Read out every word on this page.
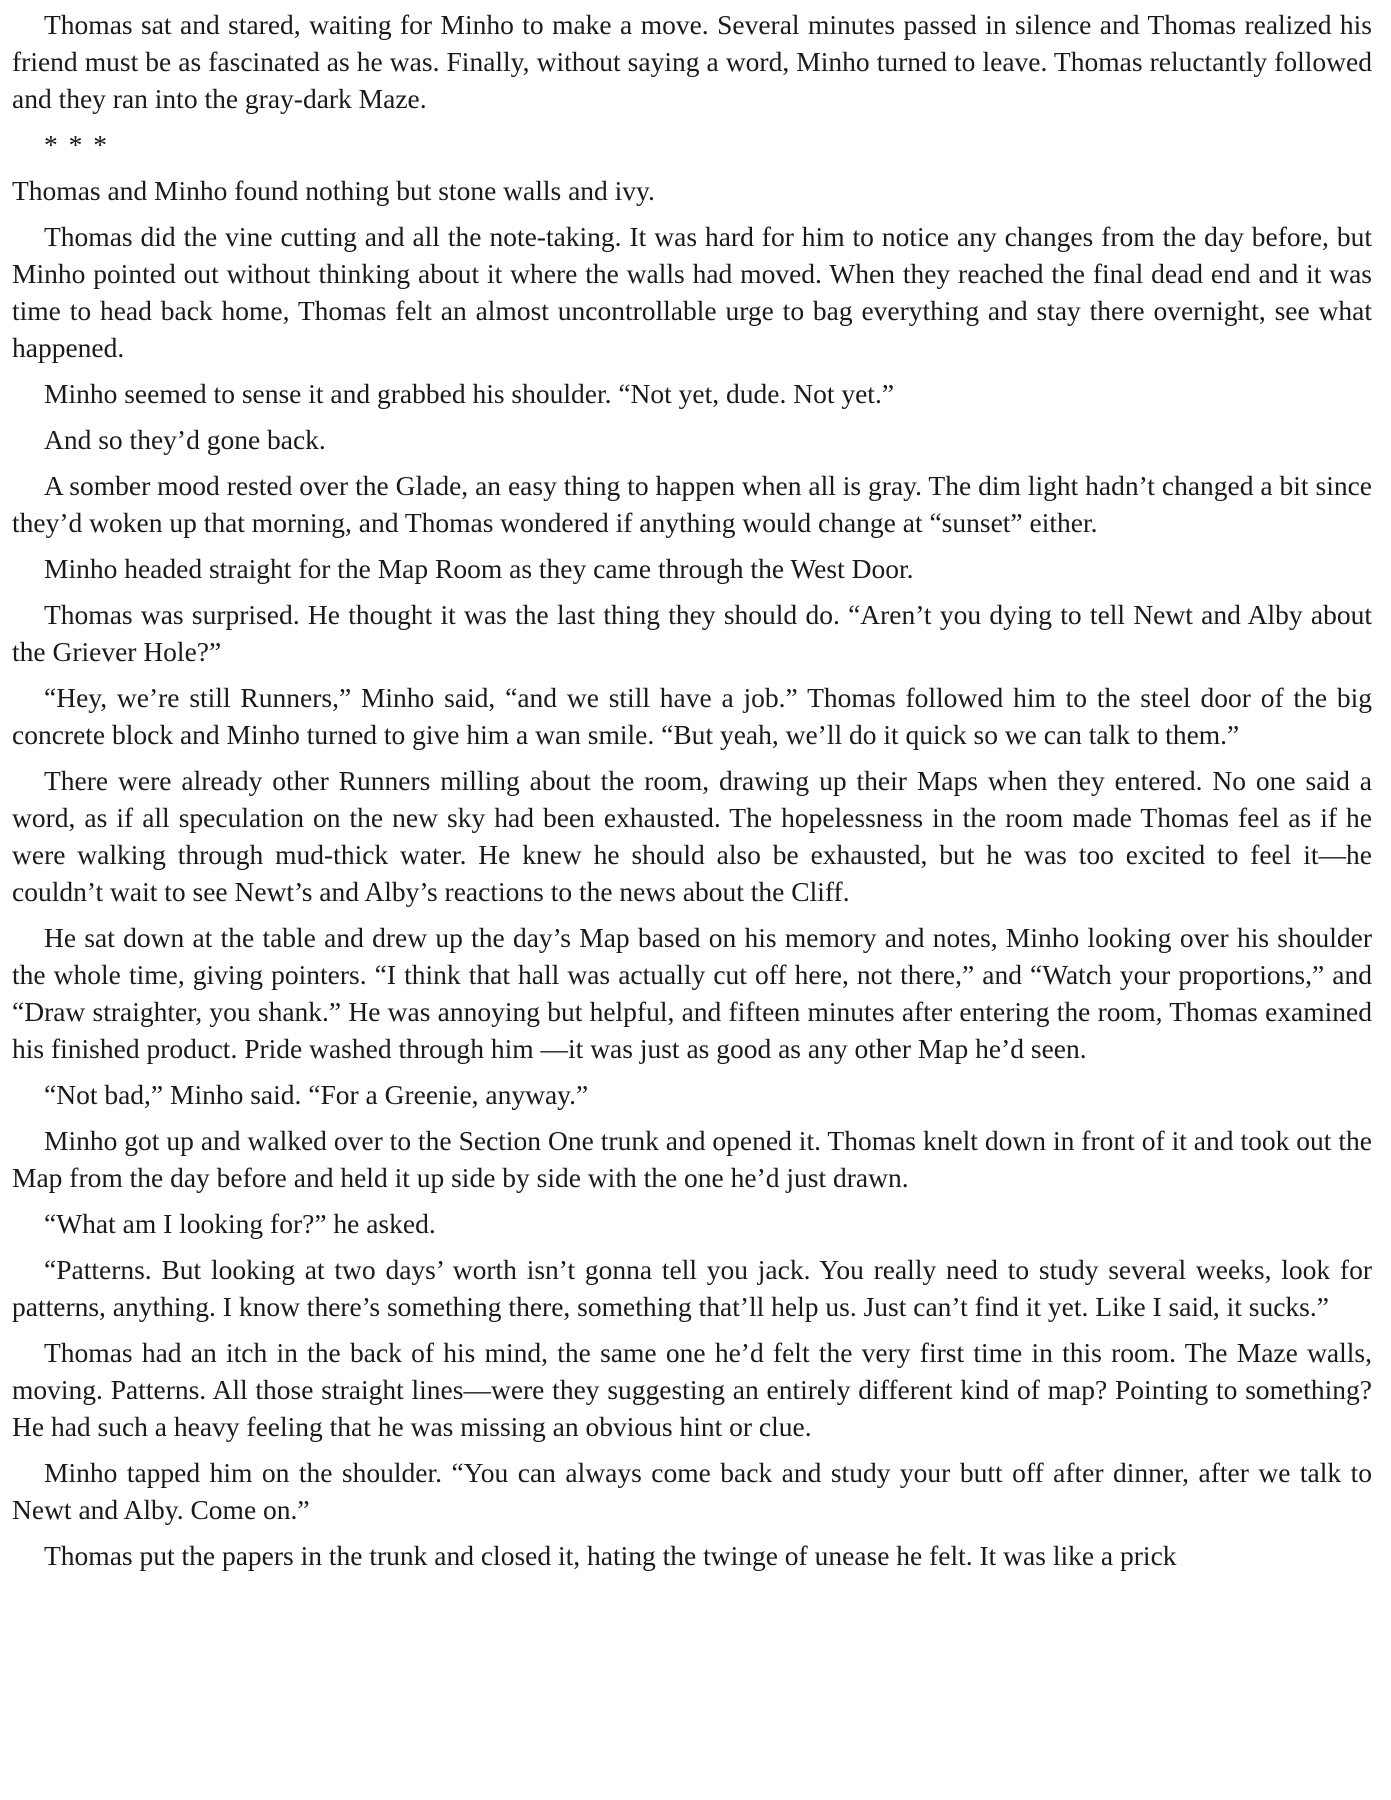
Thomas sat and stared, waiting for Minho to make a move. Several minutes passed in silence and Thomas realized his friend must be as fascinated as he was. Finally, without saying a word, Minho turned to leave. Thomas reluctantly followed and they ran into the gray-dark Maze.

* * *

Thomas and Minho found nothing but stone walls and ivy.

Thomas did the vine cutting and all the note-taking. It was hard for him to notice any changes from the day before, but Minho pointed out without thinking about it where the walls had moved. When they reached the final dead end and it was time to head back home, Thomas felt an almost uncontrollable urge to bag everything and stay there overnight, see what happened.

Minho seemed to sense it and grabbed his shoulder. “Not yet, dude. Not yet.”

And so they’d gone back.

A somber mood rested over the Glade, an easy thing to happen when all is gray. The dim light hadn’t changed a bit since they’d woken up that morning, and Thomas wondered if anything would change at “sunset” either.

Minho headed straight for the Map Room as they came through the West Door.

Thomas was surprised. He thought it was the last thing they should do. “Aren’t you dying to tell Newt and Alby about the Griever Hole?”

“Hey, we’re still Runners,” Minho said, “and we still have a job.” Thomas followed him to the steel door of the big concrete block and Minho turned to give him a wan smile. “But yeah, we’ll do it quick so we can talk to them.”

There were already other Runners milling about the room, drawing up their Maps when they entered. No one said a word, as if all speculation on the new sky had been exhausted. The hopelessness in the room made Thomas feel as if he were walking through mud-thick water. He knew he should also be exhausted, but he was too excited to feel it—he couldn’t wait to see Newt’s and Alby’s reactions to the news about the Cliff.

He sat down at the table and drew up the day’s Map based on his memory and notes, Minho looking over his shoulder the whole time, giving pointers. “I think that hall was actually cut off here, not there,” and “Watch your proportions,” and “Draw straighter, you shank.” He was annoying but helpful, and fifteen minutes after entering the room, Thomas examined his finished product. Pride washed through him —it was just as good as any other Map he’d seen.

“Not bad,” Minho said. “For a Greenie, anyway.”

Minho got up and walked over to the Section One trunk and opened it. Thomas knelt down in front of it and took out the Map from the day before and held it up side by side with the one he’d just drawn.

“What am I looking for?” he asked.

“Patterns. But looking at two days’ worth isn’t gonna tell you jack. You really need to study several weeks, look for patterns, anything. I know there’s something there, something that’ll help us. Just can’t find it yet. Like I said, it sucks.”

Thomas had an itch in the back of his mind, the same one he’d felt the very first time in this room. The Maze walls, moving. Patterns. All those straight lines—were they suggesting an entirely different kind of map? Pointing to something? He had such a heavy feeling that he was missing an obvious hint or clue.

Minho tapped him on the shoulder. “You can always come back and study your butt off after dinner, after we talk to Newt and Alby. Come on.”

Thomas put the papers in the trunk and closed it, hating the twinge of unease he felt. It was like a prick
